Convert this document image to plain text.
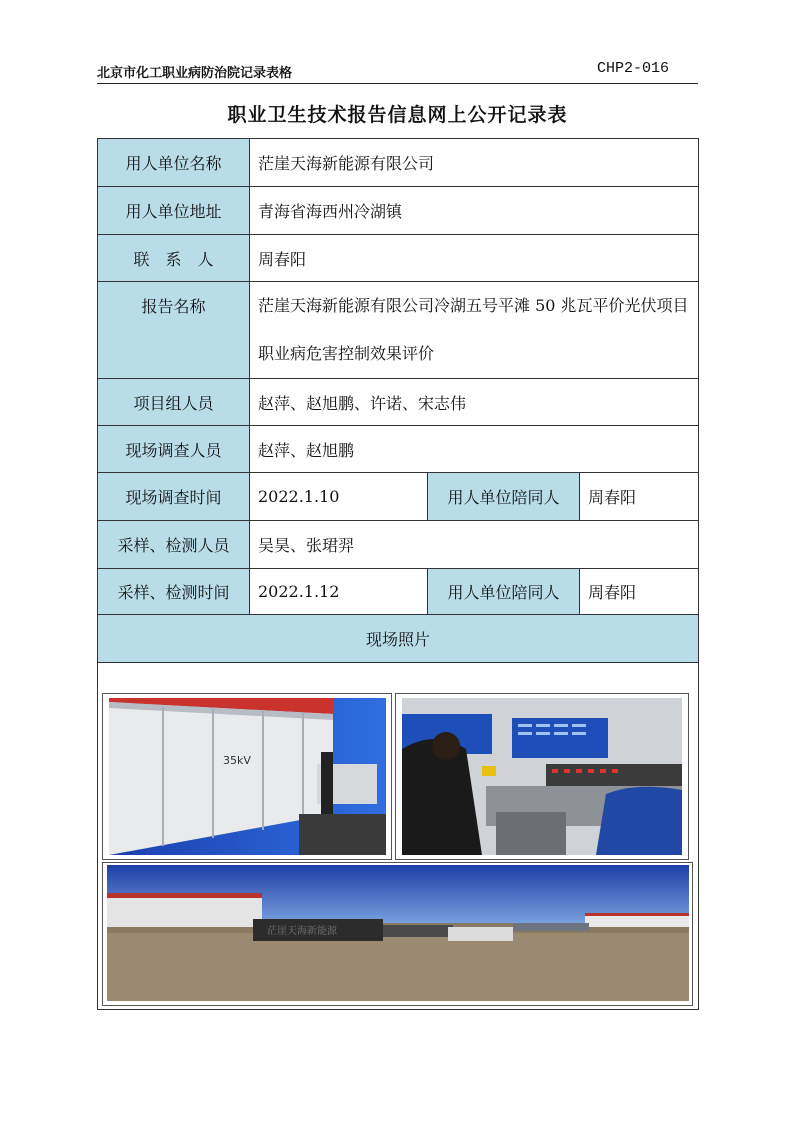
北京市化工职业病防治院记录表格	CHP2-016
职业卫生技术报告信息网上公开记录表
用人单位名称	茫崖天海新能源有限公司		
用人单位地址	青海省海西州冷湖镇		
联　系　人	周春阳		
报告名称	茫崖天海新能源有限公司冷湖五号平滩 50 兆瓦平价光伏项目职业病危害控制效果评价		
项目组人员	赵萍、赵旭鹏、许诺、宋志伟		
现场调查人员	赵萍、赵旭鹏		
现场调查时间	2022.1.10	用人单位陪同人	周春阳
采样、检测人员	吴昊、张珺羿		
采样、检测时间	2022.1.12	用人单位陪同人	周春阳
现场照片			

35kV
茫崖天海新能源			
